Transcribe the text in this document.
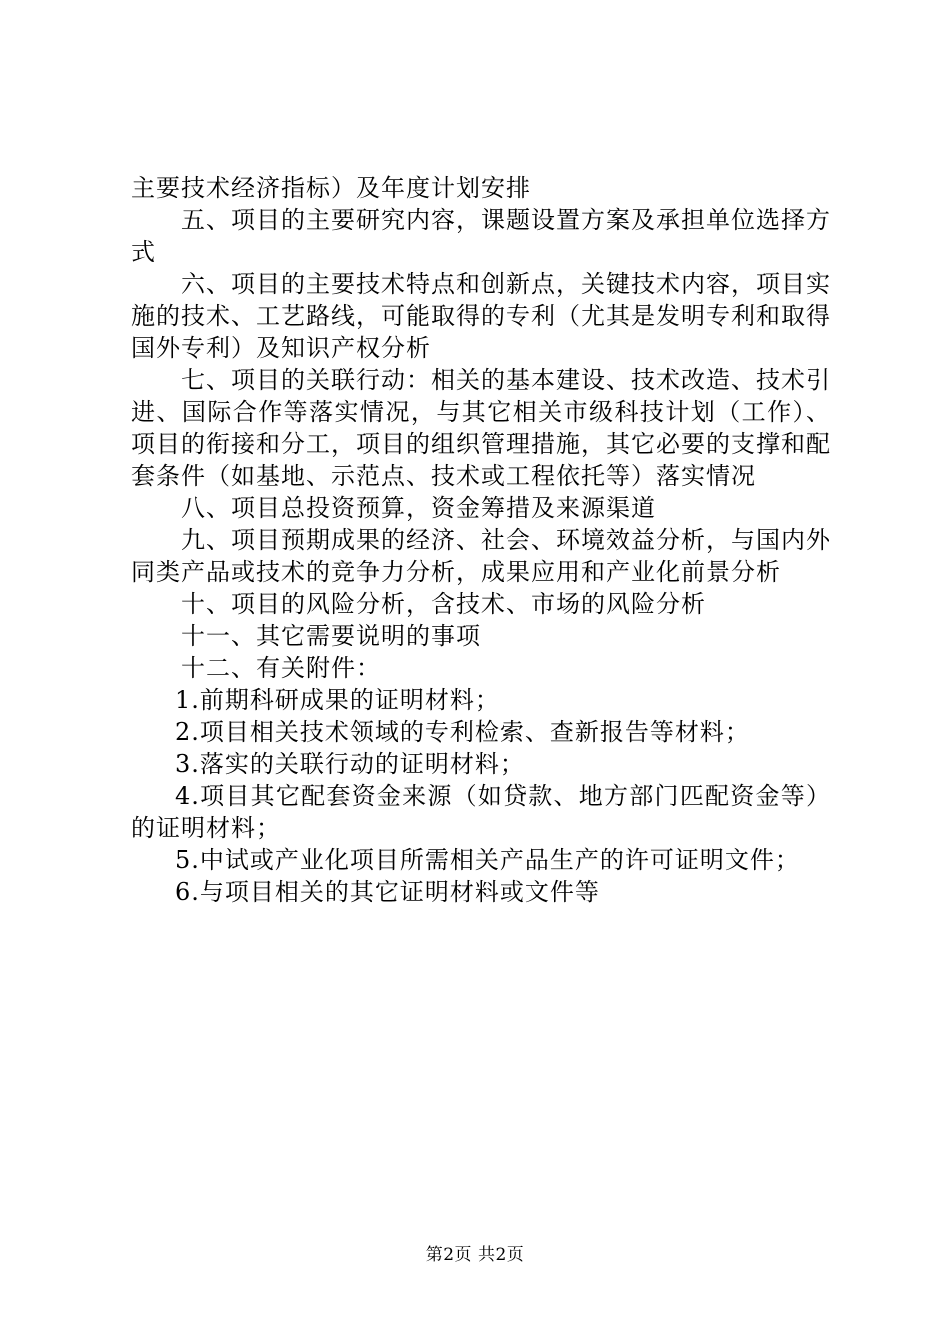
主要技术经济指标）及年度计划安排

五、项目的主要研究内容，课题设置方案及承担单位选择方式

六、项目的主要技术特点和创新点，关键技术内容，项目实施的技术、工艺路线，可能取得的专利（尤其是发明专利和取得国外专利）及知识产权分析

七、项目的关联行动：相关的基本建设、技术改造、技术引进、国际合作等落实情况，与其它相关市级科技计划（工作）、项目的衔接和分工，项目的组织管理措施，其它必要的支撑和配套条件（如基地、示范点、技术或工程依托等）落实情况

八、项目总投资预算，资金筹措及来源渠道

九、项目预期成果的经济、社会、环境效益分析，与国内外同类产品或技术的竞争力分析，成果应用和产业化前景分析

十、项目的风险分析，含技术、市场的风险分析

十一、其它需要说明的事项

十二、有关附件：

1.前期科研成果的证明材料；

2.项目相关技术领域的专利检索、查新报告等材料；

3.落实的关联行动的证明材料；

4.项目其它配套资金来源（如贷款、地方部门匹配资金等）的证明材料；

5.中试或产业化项目所需相关产品生产的许可证明文件；

6.与项目相关的其它证明材料或文件等

第2页 共2页
